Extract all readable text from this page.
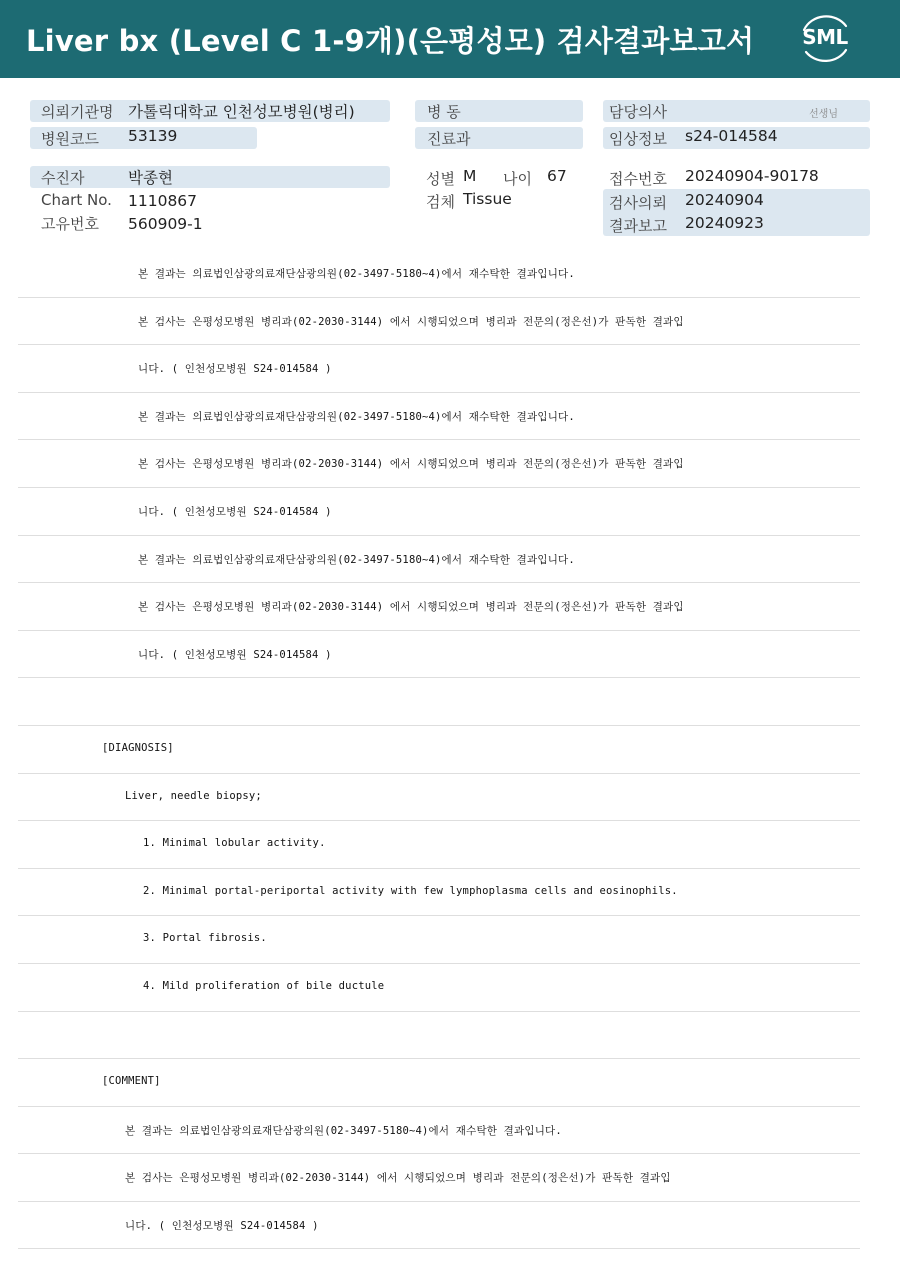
Liver bx (Level C 1-9개)(은평성모) 검사결과보고서	SML
의뢰기관명 가톨릭대학교 인천성모병원(병리)	병 동	담당의사	선생님
병원코드 53139	진료과	임상정보 s24-014584
수진자	박종현
Chart No. 1110867
고유번호 560909-1
성별 M 나이 67
검체 Tissue
접수번호 20240904-90178
검사의뢰 20240904
결과보고 20240923
본 결과는 의료법인삼광의료재단삼광의원(02-3497-5180~4)에서 재수탁한 결과입니다.
본 검사는 은평성모병원 병리과(02-2030-3144) 에서 시행되었으며 병리과 전문의(정은선)가 판독한 결과입
니다. ( 인천성모병원 S24-014584 )
본 결과는 의료법인삼광의료재단삼광의원(02-3497-5180~4)에서 재수탁한 결과입니다.
본 검사는 은평성모병원 병리과(02-2030-3144) 에서 시행되었으며 병리과 전문의(정은선)가 판독한 결과입
니다. ( 인천성모병원 S24-014584 )
본 결과는 의료법인삼광의료재단삼광의원(02-3497-5180~4)에서 재수탁한 결과입니다.
본 검사는 은평성모병원 병리과(02-2030-3144) 에서 시행되었으며 병리과 전문의(정은선)가 판독한 결과입
니다. ( 인천성모병원 S24-014584 )
[DIAGNOSIS]
Liver, needle biopsy;
1. Minimal lobular activity.
2. Minimal portal-periportal activity with few lymphoplasma cells and eosinophils.
3. Portal fibrosis.
4. Mild proliferation of bile ductule
[COMMENT]
본 결과는 의료법인삼광의료재단삼광의원(02-3497-5180~4)에서 재수탁한 결과입니다.
본 검사는 은평성모병원 병리과(02-2030-3144) 에서 시행되었으며 병리과 전문의(정은선)가 판독한 결과입
니다. ( 인천성모병원 S24-014584 )
